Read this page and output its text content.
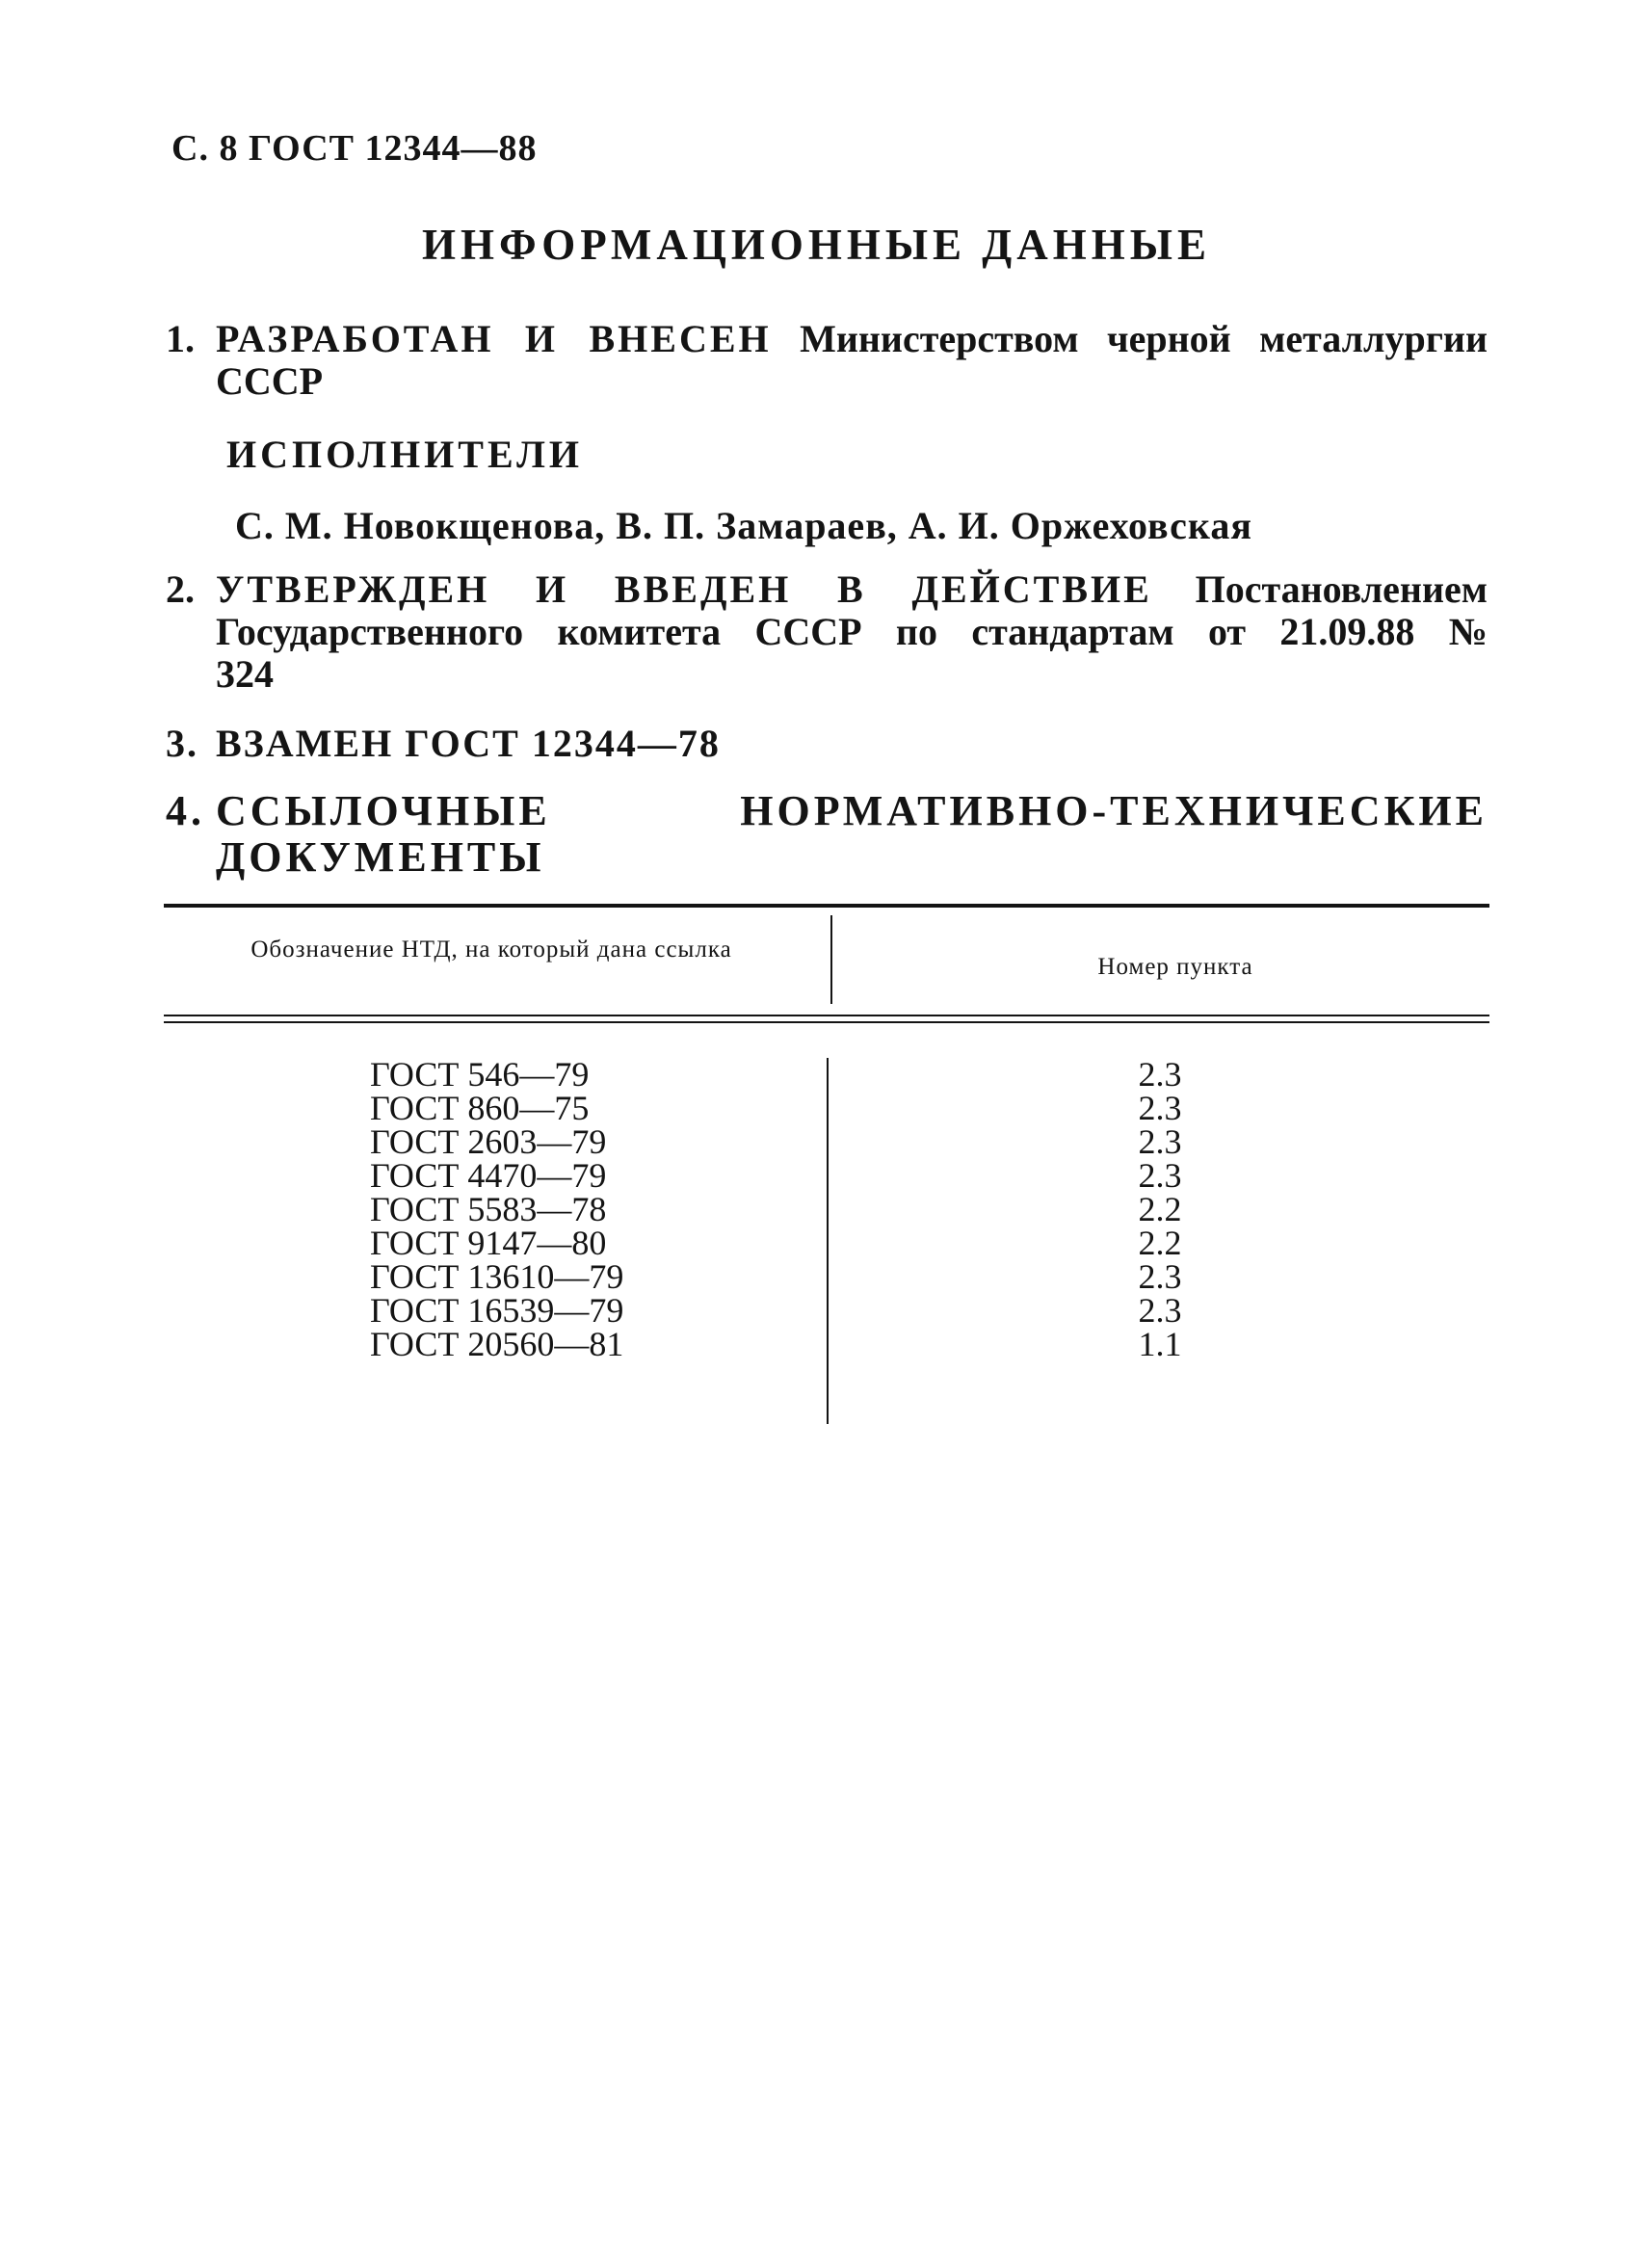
С. 8 ГОСТ 12344—88
ИНФОРМАЦИОННЫЕ ДАННЫЕ
1. РАЗРАБОТАН И ВНЕСЕН Министерством черной металлургии СССР
ИСПОЛНИТЕЛИ
С. М. Новокщенова, В. П. Замараев, А. И. Оржеховская
2. УТВЕРЖДЕН И ВВЕДЕН В ДЕЙСТВИЕ Постановлением Государственного комитета СССР по стандартам от 21.09.88 № 324
3. ВЗАМЕН ГОСТ 12344—78
4. ССЫЛОЧНЫЕ НОРМАТИВНО-ТЕХНИЧЕСКИЕ ДОКУМЕНТЫ
Обозначение НТД, на который дана ссылка
Номер пункта
ГОСТ 546—79	2.3
ГОСТ 860—75	2.3
ГОСТ 2603—79	2.3
ГОСТ 4470—79	2.3
ГОСТ 5583—78	2.2
ГОСТ 9147—80	2.2
ГОСТ 13610—79	2.3
ГОСТ 16539—79	2.3
ГОСТ 20560—81	1.1
